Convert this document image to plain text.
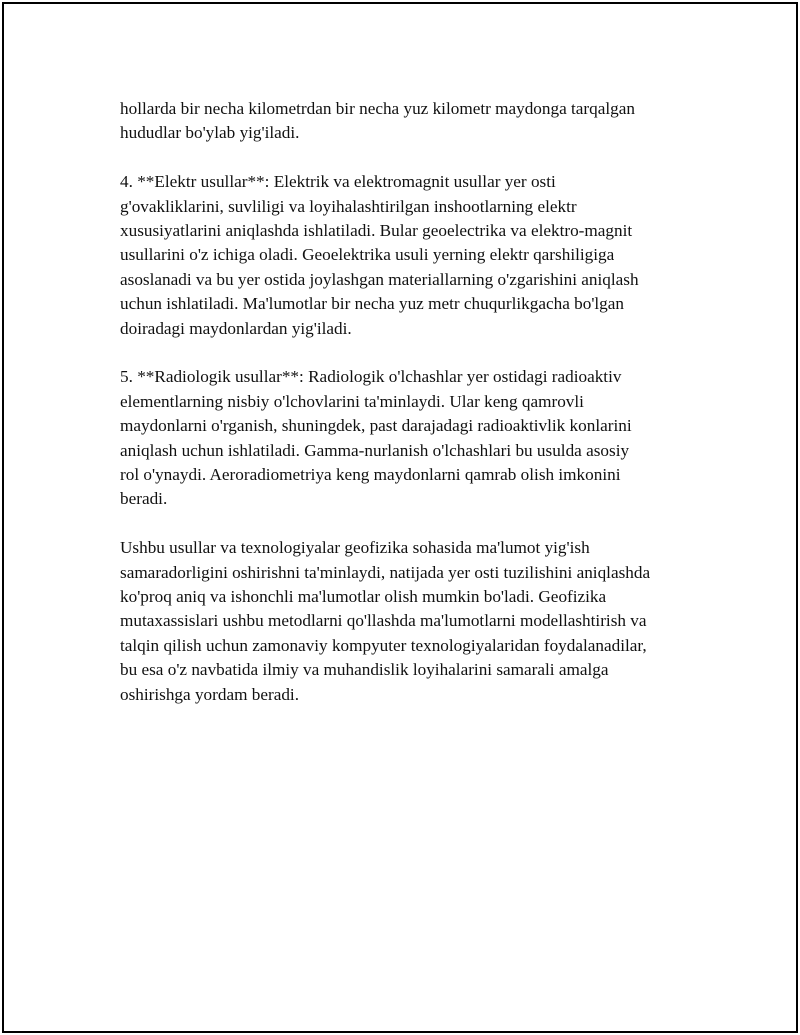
hollarda bir necha kilometrdan bir necha yuz kilometr maydonga tarqalgan
hududlar bo'ylab yig'iladi.

4. **Elektr usullar**: Elektrik va elektromagnit usullar yer osti
g'ovakliklarini, suvliligi va loyihalashtirilgan inshootlarning elektr
xususiyatlarini aniqlashda ishlatiladi. Bular geoelectrika va elektro-magnit
usullarini o'z ichiga oladi. Geoelektrika usuli yerning elektr qarshiligiga
asoslanadi va bu yer ostida joylashgan materiallarning o'zgarishini aniqlash
uchun ishlatiladi. Ma'lumotlar bir necha yuz metr chuqurlikgacha bo'lgan
doiradagi maydonlardan yig'iladi.

5. **Radiologik usullar**: Radiologik o'lchashlar yer ostidagi radioaktiv
elementlarning nisbiy o'lchovlarini ta'minlaydi. Ular keng qamrovli
maydonlarni o'rganish, shuningdek, past darajadagi radioaktivlik konlarini
aniqlash uchun ishlatiladi. Gamma-nurlanish o'lchashlari bu usulda asosiy
rol o'ynaydi. Aeroradiometriya keng maydonlarni qamrab olish imkonini
beradi.

Ushbu usullar va texnologiyalar geofizika sohasida ma'lumot yig'ish
samaradorligini oshirishni ta'minlaydi, natijada yer osti tuzilishini aniqlashda
ko'proq aniq va ishonchli ma'lumotlar olish mumkin bo'ladi. Geofizika
mutaxassislari ushbu metodlarni qo'llashda ma'lumotlarni modellashtirish va
talqin qilish uchun zamonaviy kompyuter texnologiyalaridan foydalanadilar,
bu esa o'z navbatida ilmiy va muhandislik loyihalarini samarali amalga
oshirishga yordam beradi.
